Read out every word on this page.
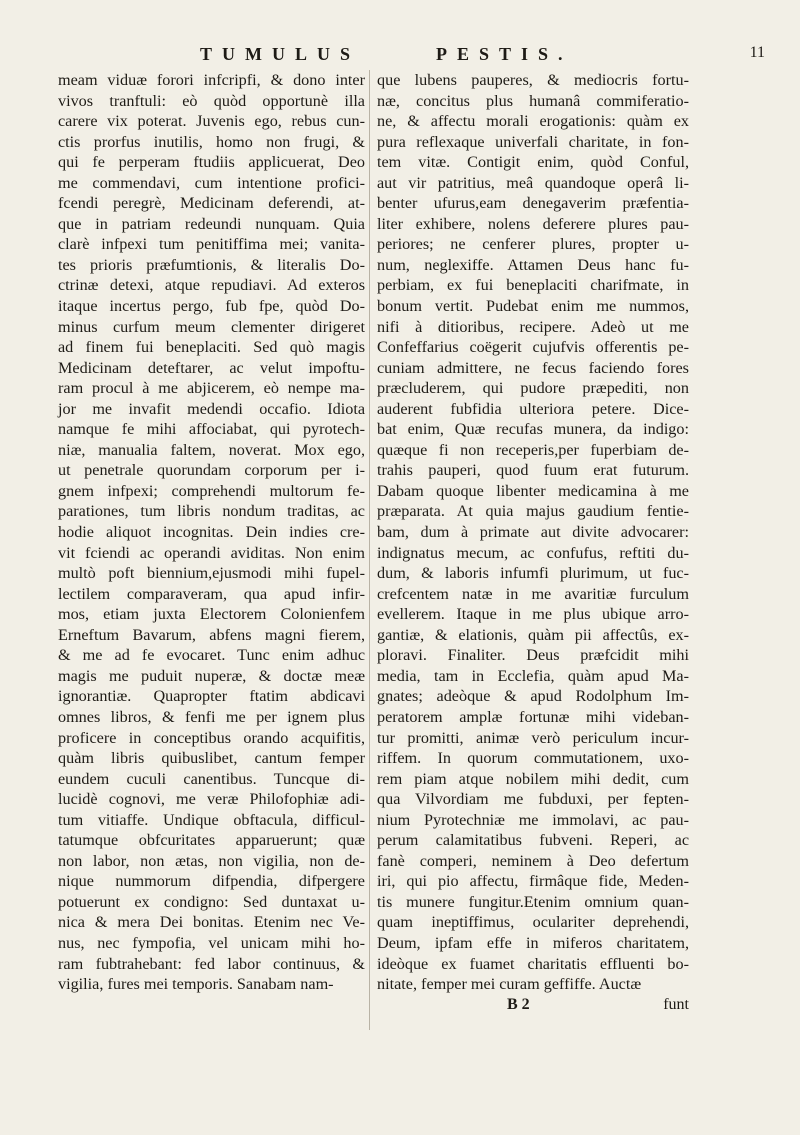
TUMULUS	PESTIS.	11
meam viduæ forori infcripfi, & dono inter
vivos tranftuli: eò quòd opportunè illa
carere vix poterat. Juvenis ego, rebus cun-
ctis prorfus inutilis, homo non frugi, &
qui fe perperam ftudiis applicuerat, Deo
me commendavi, cum intentione profici-
fcendi peregrè, Medicinam deferendi, at-
que in patriam redeundi nunquam. Quia
clarè infpexi tum penitiffima mei; vanita-
tes prioris præfumtionis, & literalis Do-
ctrinæ detexi, atque repudiavi. Ad exteros
itaque incertus pergo, fub fpe, quòd Do-
minus curfum meum clementer dirigeret
ad finem fui beneplaciti. Sed quò magis
Medicinam deteftarer, ac velut impoftu-
ram procul à me abjicerem, eò nempe ma-
jor me invafit medendi occafio. Idiota
namque fe mihi affociabat, qui pyrotech-
niæ, manualia faltem, noverat. Mox ego,
ut penetrale quorundam corporum per i-
gnem infpexi; comprehendi multorum fe-
parationes, tum libris nondum traditas, ac
hodie aliquot incognitas. Dein indies cre-
vit fciendi ac operandi aviditas. Non enim
multò poft biennium,ejusmodi mihi fupel-
lectilem comparaveram, qua apud infir-
mos, etiam juxta Electorem Colonienfem
Erneftum Bavarum, abfens magni fierem,
& me ad fe evocaret. Tunc enim adhuc
magis me puduit nuperæ, & doctæ meæ
ignorantiæ. Quapropter ftatim abdicavi
omnes libros, & fenfi me per ignem plus
proficere in conceptibus orando acquifitis,
quàm libris quibuslibet, cantum femper
eundem cuculi canentibus. Tuncque di-
lucidè cognovi, me veræ Philofophiæ adi-
tum vitiaffe. Undique obftacula, difficul-
tatumque obfcuritates apparuerunt; quæ
non labor, non ætas, non vigilia, non de-
nique nummorum difpendia, difpergere
potuerunt ex condigno: Sed duntaxat u-
nica & mera Dei bonitas. Etenim nec Ve-
nus, nec fympofia, vel unicam mihi ho-
ram fubtrahebant: fed labor continuus, &
vigilia, fures mei temporis. Sanabam nam-
que lubens pauperes, & mediocris fortu-
næ, concitus plus humanâ commiferatio-
ne, & affectu morali erogationis: quàm ex
pura reflexaque univerfali charitate, in fon-
tem vitæ. Contigit enim, quòd Conful,
aut vir patritius, meâ quandoque operâ li-
benter ufurus,eam denegaverim præfentia-
liter exhibere, nolens deferere plures pau-
periores; ne cenferer plures, propter u-
num, neglexiffe. Attamen Deus hanc fu-
perbiam, ex fui beneplaciti charifmate, in
bonum vertit. Pudebat enim me nummos,
nifi à ditioribus, recipere. Adeò ut me
Confeffarius coëgerit cujufvis offerentis pe-
cuniam admittere, ne fecus faciendo fores
præcluderem, qui pudore præpediti, non
auderent fubfidia ulteriora petere. Dice-
bat enim, Quæ recufas munera, da indigo:
quæque fi non receperis,per fuperbiam de-
trahis pauperi, quod fuum erat futurum.
Dabam quoque libenter medicamina à me
præparata. At quia majus gaudium fentie-
bam, dum à primate aut divite advocarer:
indignatus mecum, ac confufus, reftiti du-
dum, & laboris infumfi plurimum, ut fuc-
crefcentem natæ in me avaritiæ furculum
evellerem. Itaque in me plus ubique arro-
gantiæ, & elationis, quàm pii affectûs, ex-
ploravi. Finaliter. Deus præfcidit mihi
media, tam in Ecclefia, quàm apud Ma-
gnates; adeòque & apud Rodolphum Im-
peratorem amplæ fortunæ mihi videban-
tur promitti, animæ verò periculum incur-
riffem. In quorum commutationem, uxo-
rem piam atque nobilem mihi dedit, cum
qua Vilvordiam me fubduxi, per fepten-
nium Pyrotechniæ me immolavi, ac pau-
perum calamitatibus fubveni. Reperi, ac
fanè comperi, neminem à Deo defertum
iri, qui pio affectu, firmâque fide, Meden-
tis munere fungitur.Etenim omnium quan-
quam ineptiffimus, oculariter deprehendi,
Deum, ipfam effe in miferos charitatem,
ideòque ex fuamet charitatis effluenti bo-
nitate, femper mei curam geffiffe. Auctæ
B 2	funt
